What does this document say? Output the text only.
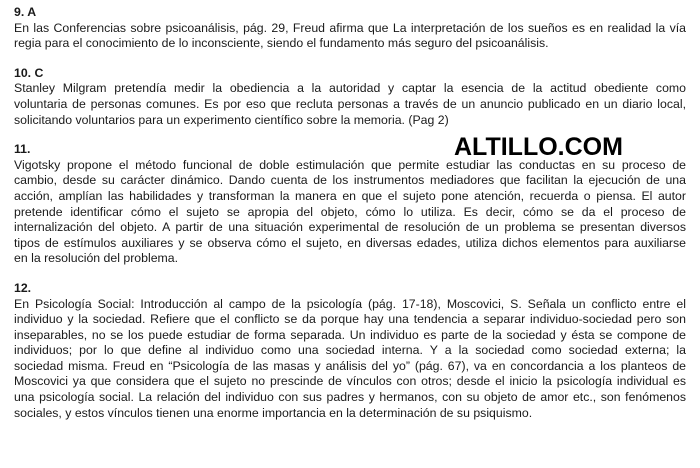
9. A
En las Conferencias sobre psicoanálisis, pág. 29, Freud afirma que La interpretación de los sueños es en realidad la vía
regia para el conocimiento de lo inconsciente, siendo el fundamento más seguro del psicoanálisis.
10. C
Stanley Milgram pretendía medir la obediencia a la autoridad y captar la esencia de la actitud obediente como
voluntaria de personas comunes. Es por eso que recluta personas a través de un anuncio publicado en un diario local,
solicitando voluntarios para un experimento científico sobre la memoria. (Pag 2)
11.
Vigotsky propone el método funcional de doble estimulación que permite estudiar las conductas en su proceso de
cambio, desde su carácter dinámico. Dando cuenta de los instrumentos mediadores que facilitan la ejecución de una
acción, amplían las habilidades y transforman la manera en que el sujeto pone atención, recuerda o piensa. El autor
pretende identificar cómo el sujeto se apropia del objeto, cómo lo utiliza. Es decir, cómo se da el proceso de
internalización del objeto. A partir de una situación experimental de resolución de un problema se presentan diversos
tipos de estímulos auxiliares y se observa cómo el sujeto, en diversas edades, utiliza dichos elementos para auxiliarse
en la resolución del problema.
12.
En Psicología Social: Introducción al campo de la psicología (pág. 17-18), Moscovici, S. Señala un conflicto entre el
individuo y la sociedad. Refiere que el conflicto se da porque hay una tendencia a separar individuo-sociedad pero son
inseparables, no se los puede estudiar de forma separada. Un individuo es parte de la sociedad y ésta se compone de
individuos; por lo que define al individuo como una sociedad interna. Y a la sociedad como sociedad externa; la
sociedad misma. Freud en “Psicología de las masas y análisis del yo” (pág. 67), va en concordancia a los planteos de
Moscovici ya que considera que el sujeto no prescinde de vínculos con otros; desde el inicio la psicología individual es
una psicología social. La relación del individuo con sus padres y hermanos, con su objeto de amor etc., son fenómenos
sociales, y estos vínculos tienen una enorme importancia en la determinación de su psiquismo.
ALTILLO.COM
